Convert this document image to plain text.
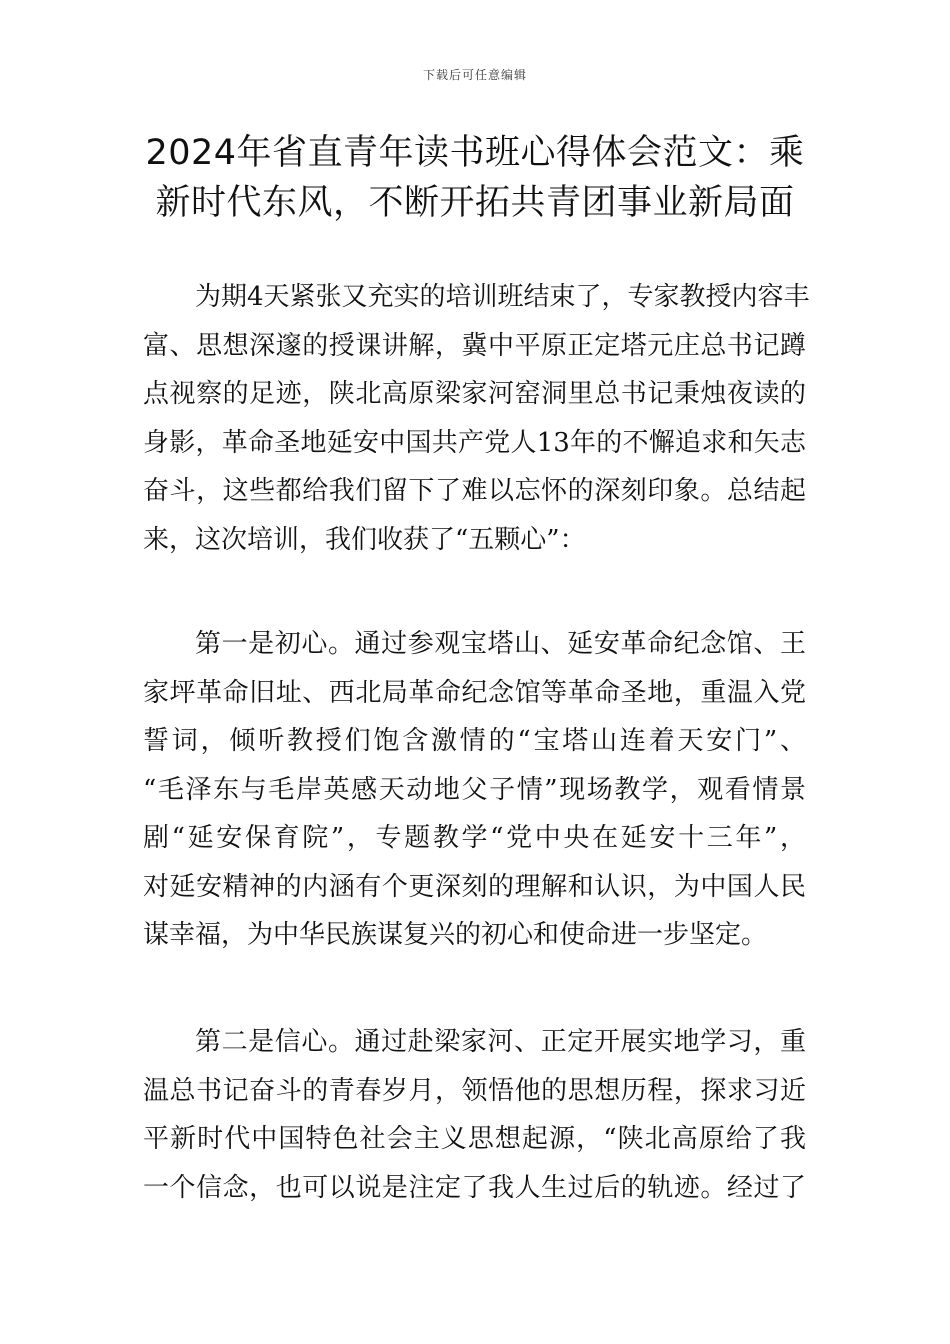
下载后可任意编辑
2024年省直青年读书班心得体会范文：乘
新时代东风，不断开拓共青团事业新局面
为期4天紧张又充实的培训班结束了，专家教授内容丰
富、思想深邃的授课讲解，冀中平原正定塔元庄总书记蹲
点视察的足迹，陕北高原梁家河窑洞里总书记秉烛夜读的
身影，革命圣地延安中国共产党人13年的不懈追求和矢志
奋斗，这些都给我们留下了难以忘怀的深刻印象。总结起
来，这次培训，我们收获了“五颗心”：
第一是初心。通过参观宝塔山、延安革命纪念馆、王
家坪革命旧址、西北局革命纪念馆等革命圣地，重温入党
誓词，倾听教授们饱含激情的“宝塔山连着天安门”、
“毛泽东与毛岸英感天动地父子情”现场教学，观看情景
剧“延安保育院”，专题教学“党中央在延安十三年”，
对延安精神的内涵有个更深刻的理解和认识，为中国人民
谋幸福，为中华民族谋复兴的初心和使命进一步坚定。
第二是信心。通过赴梁家河、正定开展实地学习，重
温总书记奋斗的青春岁月，领悟他的思想历程，探求习近
平新时代中国特色社会主义思想起源，“陕北高原给了我
一个信念，也可以说是注定了我人生过后的轨迹。经过了
